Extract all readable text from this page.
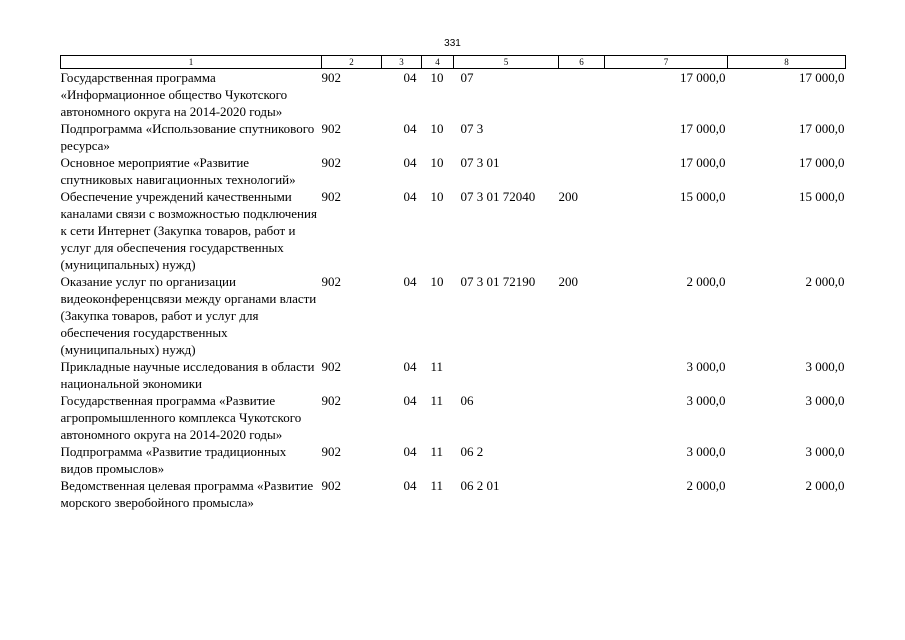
331
1	2	3	4	5	6	7	8
Государственная программа «Информационное общество Чукотского автономного округа на 2014-2020 годы»	902	04	10	07		17 000,0	17 000,0
Подпрограмма «Использование спутникового ресурса»	902	04	10	07 3		17 000,0	17 000,0
Основное мероприятие «Развитие спутниковых навигационных технологий»	902	04	10	07 3 01		17 000,0	17 000,0
Обеспечение учреждений качественными каналами связи с возможностью подключения к сети Интернет (Закупка товаров, работ и услуг для обеспечения государственных (муниципальных) нужд)	902	04	10	07 3 01 72040	200	15 000,0	15 000,0
Оказание услуг по организации видеоконференцсвязи между органами власти (Закупка товаров, работ и услуг для обеспечения государственных (муниципальных) нужд)	902	04	10	07 3 01 72190	200	2 000,0	2 000,0
Прикладные научные исследования в области национальной экономики	902	04	11			3 000,0	3 000,0
Государственная программа «Развитие агропромышленного комплекса Чукотского автономного округа на 2014-2020 годы»	902	04	11	06		3 000,0	3 000,0
Подпрограмма «Развитие традиционных видов промыслов»	902	04	11	06 2		3 000,0	3 000,0
Ведомственная целевая программа «Развитие морского зверобойного промысла»	902	04	11	06 2 01		2 000,0	2 000,0
